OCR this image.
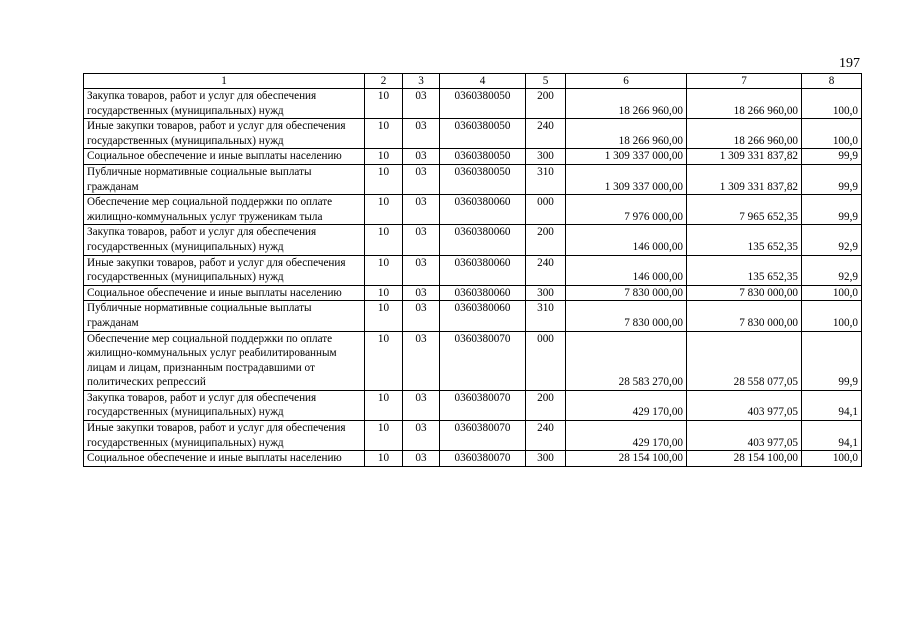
197
1	2	3	4	5	6	7	8
Закупка товаров, работ и услуг для обеспечения государственных (муниципальных) нужд	10	03	0360380050	200	18 266 960,00	18 266 960,00	100,0
Иные закупки товаров, работ и услуг для обеспечения государственных (муниципальных) нужд	10	03	0360380050	240	18 266 960,00	18 266 960,00	100,0
Социальное обеспечение и иные выплаты населению	10	03	0360380050	300	1 309 337 000,00	1 309 331 837,82	99,9
Публичные нормативные социальные выплаты гражданам	10	03	0360380050	310	1 309 337 000,00	1 309 331 837,82	99,9
Обеспечение мер социальной поддержки по оплате жилищно-коммунальных услуг труженикам тыла	10	03	0360380060	000	7 976 000,00	7 965 652,35	99,9
Закупка товаров, работ и услуг для обеспечения государственных (муниципальных) нужд	10	03	0360380060	200	146 000,00	135 652,35	92,9
Иные закупки товаров, работ и услуг для обеспечения государственных (муниципальных) нужд	10	03	0360380060	240	146 000,00	135 652,35	92,9
Социальное обеспечение и иные выплаты населению	10	03	0360380060	300	7 830 000,00	7 830 000,00	100,0
Публичные нормативные социальные выплаты гражданам	10	03	0360380060	310	7 830 000,00	7 830 000,00	100,0
Обеспечение мер социальной поддержки по оплате жилищно-коммунальных услуг реабилитированным лицам и лицам, признанным пострадавшими от политических репрессий	10	03	0360380070	000	28 583 270,00	28 558 077,05	99,9
Закупка товаров, работ и услуг для обеспечения государственных (муниципальных) нужд	10	03	0360380070	200	429 170,00	403 977,05	94,1
Иные закупки товаров, работ и услуг для обеспечения государственных (муниципальных) нужд	10	03	0360380070	240	429 170,00	403 977,05	94,1
Социальное обеспечение и иные выплаты населению	10	03	0360380070	300	28 154 100,00	28 154 100,00	100,0
